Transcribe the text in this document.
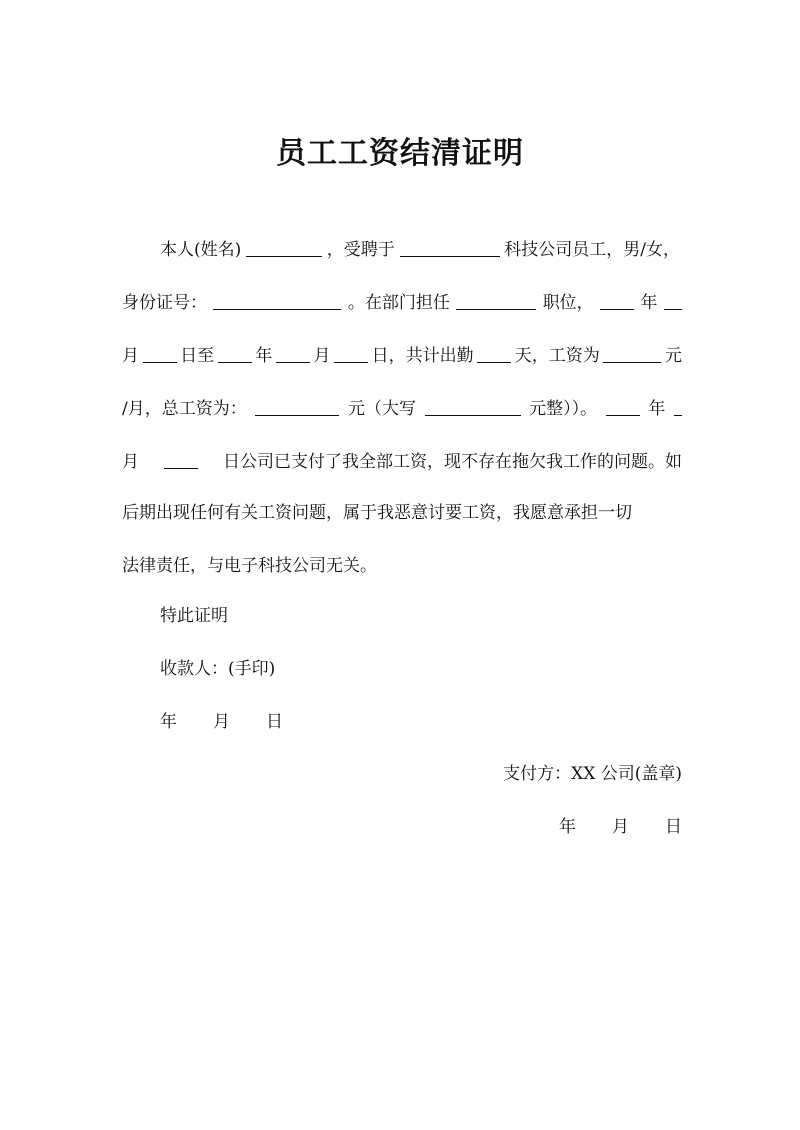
员工工资结清证明
本人(姓名)	，受聘于	科技公司员工，男/女，
身份证号：	。在部门担任	职位，	年
月 日至 年 月 日，共计出勤 天，工资为	元
/月，总工资为：	元（大写	元整））。	年
月	日公司已支付了我全部工资，现不存在拖欠我工作的问题。如
后期出现任何有关工资问题，属于我恶意讨要工资，我愿意承担一切
法律责任，与电子科技公司无关。
特此证明
收款人：(手印)
年 月 日
支付方：XX 公司(盖章)
年 月 日
